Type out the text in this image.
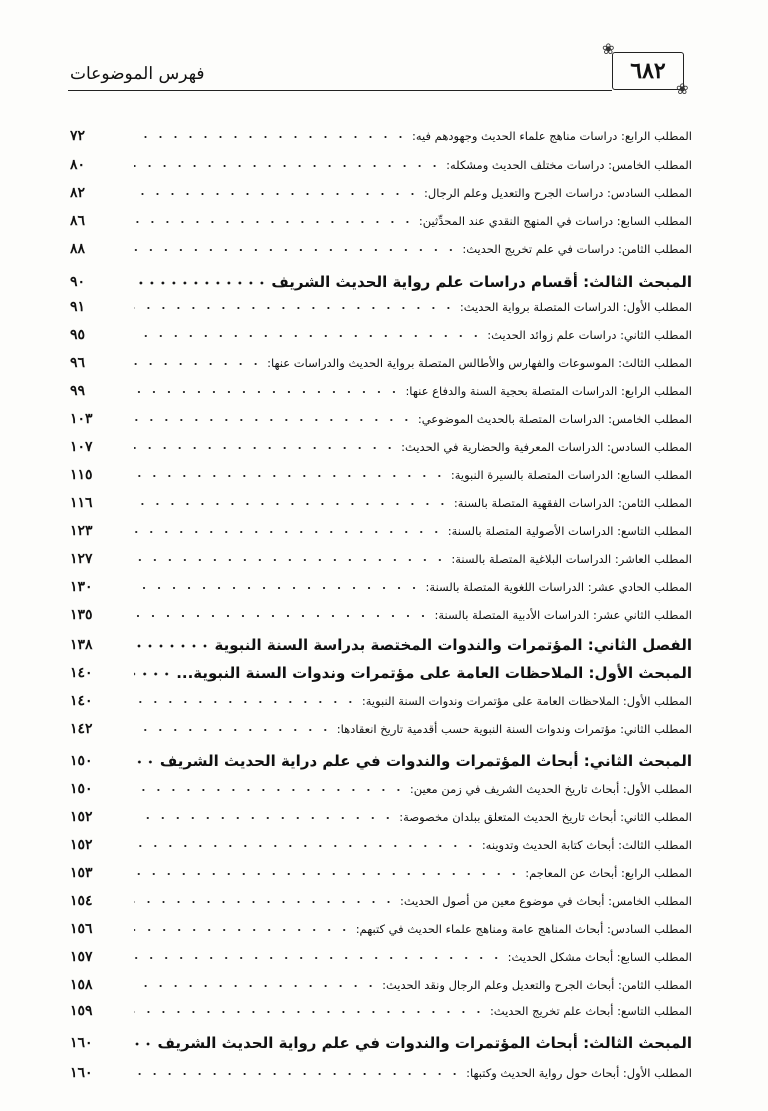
❀
٦٨٢
❀
فهرس الموضوعات
٧٢	المطلب الرابع: دراسات مناهج علماء الحديث وجهودهم فيه:
٨٠	المطلب الخامس: دراسات مختلف الحديث ومشكله:
٨٢	المطلب السادس: دراسات الجرح والتعديل وعلم الرجال:
٨٦	المطلب السابع: دراسات في المنهج النقدي عند المحدِّثين:
٨٨	المطلب الثامن: دراسات في علم تخريج الحديث:
٩٠	المبحث الثالث: أقسام دراسات علم رواية الحديث الشريف
٩١	المطلب الأول: الدراسات المتصلة برواية الحديث:
٩٥	المطلب الثاني: دراسات علم زوائد الحديث:
٩٦	المطلب الثالث: الموسوعات والفهارس والأطالس المتصلة برواية الحديث والدراسات عنها:
٩٩	المطلب الرابع: الدراسات المتصلة بحجية السنة والدفاع عنها:
١٠٣	المطلب الخامس: الدراسات المتصلة بالحديث الموضوعي:
١٠٧	المطلب السادس: الدراسات المعرفية والحضارية في الحديث:
١١٥	المطلب السابع: الدراسات المتصلة بالسيرة النبوية:
١١٦	المطلب الثامن: الدراسات الفقهية المتصلة بالسنة:
١٢٣	المطلب التاسع: الدراسات الأصولية المتصلة بالسنة:
١٢٧	المطلب العاشر: الدراسات البلاغية المتصلة بالسنة:
١٣٠	المطلب الحادي عشر: الدراسات اللغوية المتصلة بالسنة:
١٣٥	المطلب الثاني عشر: الدراسات الأدبية المتصلة بالسنة:
١٣٨	الفصل الثاني: المؤتمرات والندوات المختصة بدراسة السنة النبوية
١٤٠	المبحث الأول: الملاحظات العامة على مؤتمرات وندوات السنة النبوية...
١٤٠	المطلب الأول: الملاحظات العامة على مؤتمرات وندوات السنة النبوية:
١٤٢	المطلب الثاني: مؤتمرات وندوات السنة النبوية حسب أقدمية تاريخ انعقادها:
١٥٠	المبحث الثاني: أبحاث المؤتمرات والندوات في علم دراية الحديث الشريف
١٥٠	المطلب الأول: أبحاث تاريخ الحديث الشريف في زمن معين:
١٥٢	المطلب الثاني: أبحاث تاريخ الحديث المتعلق ببلدان مخصوصة:
١٥٢	المطلب الثالث: أبحاث كتابة الحديث وتدوينه:
١٥٣	المطلب الرابع: أبحاث عن المعاجم:
١٥٤	المطلب الخامس: أبحاث في موضوع معين من أصول الحديث:
١٥٦	المطلب السادس: أبحاث المناهج عامة ومناهج علماء الحديث في كتبهم:
١٥٧	المطلب السابع: أبحاث مشكل الحديث:
١٥٨	المطلب الثامن: أبحاث الجرح والتعديل وعلم الرجال ونقد الحديث:
١٥٩	المطلب التاسع: أبحاث علم تخريج الحديث:
١٦٠	المبحث الثالث: أبحاث المؤتمرات والندوات في علم رواية الحديث الشريف
١٦٠	المطلب الأول: أبحاث حول رواية الحديث وكتبها:
